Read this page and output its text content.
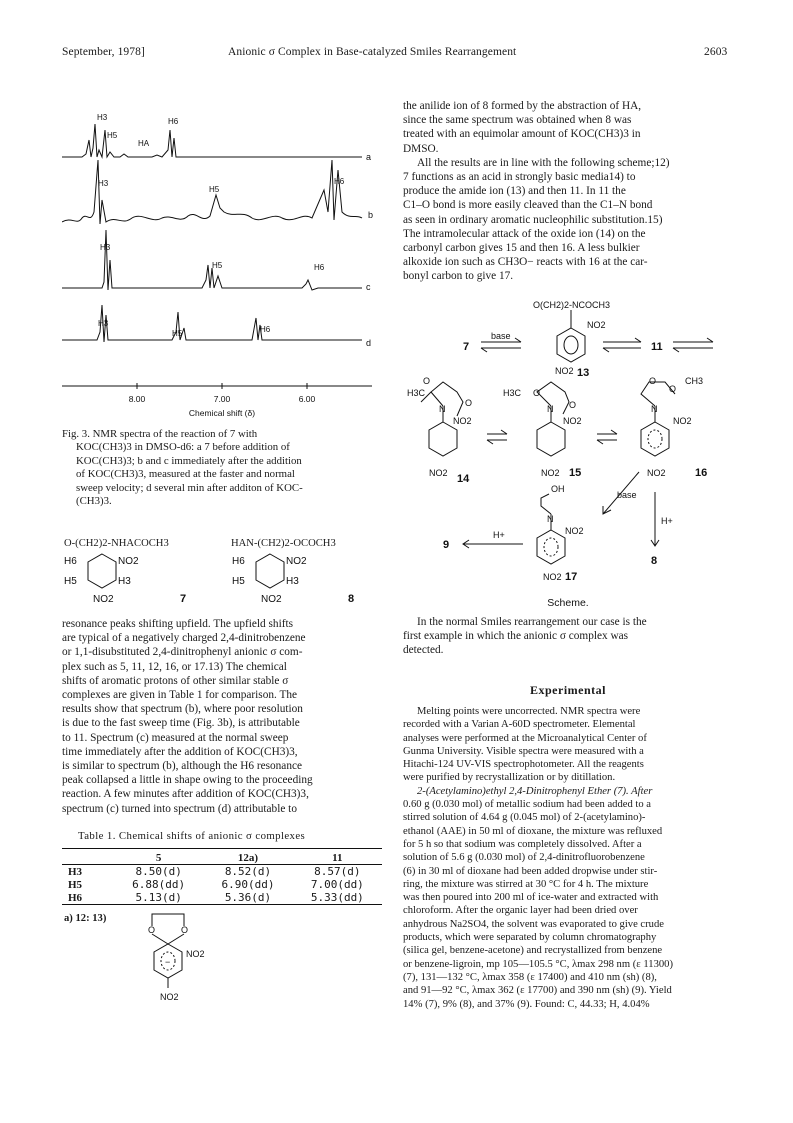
September, 1978]	Anionic σ Complex in Base-catalyzed Smiles Rearrangement	2603
H3
H5
HA
H6
H3
H5
H6
H3
H5	H6
H3
H5	H6
a
b
c
d
8.00	7.00	6.00
Chemical shift (δ)
Fig. 3. NMR spectra of the reaction of 7 with
KOC(CH3)3 in DMSO-d6: a 7 before addition of
KOC(CH3)3; b and c immediately after the addition
of KOC(CH3)3, measured at the faster and normal
sweep velocity; d several min after additon of KOC-
(CH3)3.
O-(CH2)2-NHACOCH3	HAN-(CH2)2-OCOCH3
H6	NO2
H5	H3
NO2
H6	NO2
H5	H3
NO2
7	8
resonance peaks shifting upfield. The upfield shifts
are typical of a negatively charged 2,4-dinitrobenzene
or 1,1-disubstituted 2,4-dinitrophenyl anionic σ com-
plex such as 5, 11, 12, 16, or 17.13) The chemical
shifts of aromatic protons of other similar stable σ
complexes are given in Table 1 for comparison. The
results show that spectrum (b), where poor resolution
is due to the fast sweep time (Fig. 3b), is attributable
to 11. Spectrum (c) measured at the normal sweep
time immediately after the addition of KOC(CH3)3,
is similar to spectrum (b), although the H6 resonance
peak collapsed a little in shape owing to the proceeding
reaction. A few minutes after addition of KOC(CH3)3,
spectrum (c) turned into spectrum (d) attributable to
Table 1. Chemical shifts of anionic σ complexes
	5	12a)	11
H3	8.50(d)	8.52(d)	8.57(d)
H5	6.88(dd)	6.90(dd)	7.00(dd)
H6	5.13(d)	5.36(d)	5.33(dd)
a) 12: 13)
O	O
NO2
NO2
−
the anilide ion of 8 formed by the abstraction of HA,
since the same spectrum was obtained when 8 was
treated with an equimolar amount of KOC(CH3)3 in
DMSO.
All the results are in line with the following scheme;12)
7 functions as an acid in strongly basic media14) to
produce the amide ion (13) and then 11. In 11 the
C1–O bond is more easily cleaved than the C1–N bond
as seen in ordinary aromatic nucleophilic substitution.15)
The intramolecular attack of the oxide ion (14) on the
carbonyl carbon gives 15 and then 16. A less bulkier
alkoxide ion such as CH3O− reacts with 16 at the car-
bonyl carbon to give 17.
O(CH2)2-NCOCH3
NO2
NO2
base
H3C	H3C
CH3
NO2	NO2	NO2
NO2	NO2	NO2
base
OH
NO2
NO2
H+
H+
O
O
N
O
O
N
O
O
N
N
7	11
13
14	15	16
17
8
9
Scheme.
In the normal Smiles rearrangement our case is the
first example in which the anionic σ complex was
detected.
Experimental
Melting points were uncorrected. NMR spectra were
recorded with a Varian A-60D spectrometer. Elemental
analyses were performed at the Microanalytical Center of
Gunma University. Visible spectra were measured with a
Hitachi-124 UV-VIS spectrophotometer. All the reagents
were purified by recrystallization or by ditillation.
2-(Acetylamino)ethyl 2,4-Dinitrophenyl Ether (7). After
0.60 g (0.030 mol) of metallic sodium had been added to a
stirred solution of 4.64 g (0.045 mol) of 2-(acetylamino)-
ethanol (AAE) in 50 ml of dioxane, the mixture was refluxed
for 5 h so that sodium was completely dissolved. After a
solution of 5.6 g (0.030 mol) of 2,4-dinitrofluorobenzene
(6) in 30 ml of dioxane had been added dropwise under stir-
ring, the mixture was stirred at 30 °C for 4 h. The mixture
was then poured into 200 ml of ice-water and extracted with
chloroform. After the organic layer had been dried over
anhydrous Na2SO4, the solvent was evaporated to give crude
products, which were separated by column chromatography
(silica gel, benzene-acetone) and recrystallized from benzene
or benzene-ligroin, mp 105—105.5 °C, λmax 298 nm (ε 11300)
(7), 131—132 °C, λmax 358 (ε 17400) and 410 nm (sh) (8),
and 91—92 °C, λmax 362 (ε 17700) and 390 nm (sh) (9). Yield
14% (7), 9% (8), and 37% (9). Found: C, 44.33; H, 4.04%
